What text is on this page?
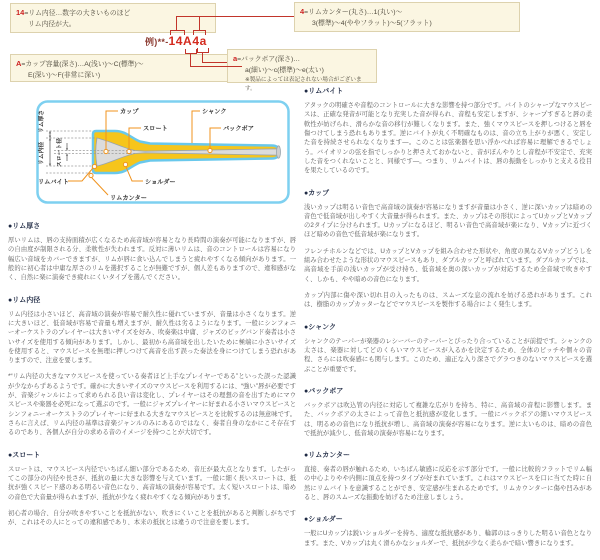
14=リム内径…数字の大きいものほど
リム内径が大。
4=リムカンター(丸さ)…1(丸い)～
3(標準)～4(ややフラット)～5(フラット)
A=カップ容量(深さ)…A(浅い)～C(標準)～
E(深い)～F(非常に深い)
a=バックボア(深さ)…
a(細い)～c(標準)～e(太い)
※製品によっては表記されない場合がございます。
例)**- 14A4a
リム厚さ
リム内径	スロート径
カップ
スロート
シャンク
バックボア
リムバイト
リムカンター
ショルダー
●リム厚さ

厚いリムは、唇の支持面積が広くなるため高音域が容易となり長時間の演奏が可能になりますが、唇の自由度が制限される分、柔軟性が失われます。反対に薄いリムは、音のコントロールは容易になり幅広い音域をカバーできますが、リムが唇に食い込んでしまうと疲れやすくなる傾向があります。一般的に初心者は中庸な厚さのリムを選択することが無難ですが、個人差もありますので、違和感がなく、自然に楽に演奏でき疲れにくいタイプを選んでください。

●リム内径

リム内径は小さいほど、高音域の演奏が容易で耐久性に優れていますが、音量は小さくなります。逆に大きいほど、低音域が容易で音量も増えますが、耐久性は劣るようになります。一般にシンフォニーオーケストラのプレイヤーは大きいサイズを好み、吹奏楽は中庸、ジャズのビッグバンド奏者は小さいサイズを使用する傾向があります。しかし、最初から高音域を出したいために極端に小さいサイズを使用すると、マウスピースを無理に押しつけて高音を出す誤った奏法を身につけてしまう恐れがありますので、注意を要します。

*“リム内径の大きなマウスピースを使っている奏者ほど上手なプレイヤーである”といった誤った認識が少なからずあるようです。確かに大きいサイズのマウスピースを利用するには、“強い”唇が必要ですが、音楽ジャンルによって求められる良い音は変化し、プレイヤーはその理想の音を出すためにマウスピースや楽器を必死になって選ぶのです。一般にジャズプレイヤーに好まれる小さいマウスピースとシンフォニーオーケストラのプレイヤーに好まれる大きなマウスピースとを比較するのは無意味です。さらに言えば、リム内径の基準は音楽ジャンルのみにあるのではなく、奏者自身のなかにこそ存在するのであり、各個人が自分の求める音のイメージを持つことが大切です。

●スロート

スロートは、マウスピース内径でいちばん細い部分であるため、音圧が最大点となります。したがってこの部分の内径や長さが、抵抗の量に大きな影響を与えています。一般に細く長いスロートは、抵抗が強くスピード感のある明るい音色になり、高音域の演奏が容易です。太く短いスロートは、暗めの音色で大音量が得られますが、抵抗が少なく疲れやすくなる傾向があります。

初心者の場合、自分が吹きやすいことを抵抗がない、吹きにくいことを抵抗があると判断しがちですが、これはその人にとっての違和感であり、本来の抵抗とは違うので注意を要します。

●リムバイト

アタックの明確さや音程のコントロールに大きな影響を持つ部分です。バイトのシャープなマウスピースは、正確な発音が可能となり充実した音が得られ、音程も安定しますが、シャープすぎると唇の柔軟性が妨げられ、滑らかな音の移行が難しくなります。また、強くマウスピースを押しつけると唇を傷つけてしまう恐れもあります。逆にバイトが丸く不明確なものは、音の立ち上がりが悪く、安定した音を持続させられなくなります―。このことは弦楽器を思い浮かべれば容易に理解できるでしょう。バイオリンの弦を指でしっかりと押さえておかないと、音がぼんやりとし音程が不安定で、充実した音をつくれないことと、同様です―。つまり、リムバイトは、唇の振動をしっかりと支える役目を果たしているのです。

●カップ

浅いカップは明るい音色で高音域の演奏が容易になりますが音量は小さく、逆に深いカップは暗めの音色で低音域が出しやすく大音量が得られます。また、カップはその形状によってUカップとVカップの2タイプに分けられます。Uカップになるほど、明るい音色で高音域が楽になり、Vカップに近づくほど暗めの音色で低音域が楽になります。

フレンチホルンなどでは、UカップとVカップを組み合わせた形状や、角度の異なるVカップどうしを組み合わせたような形状のマウスピースもあり、ダブルカップと呼ばれています。ダブルカップでは、高音域を手前の浅いカップが受け持ち、低音域を奥の深いカップが対応するため全音域で吹きやすく、しかも、やや暗めの音色になります。

カップ内部に傷や深い切れ目の入ったものは、スムーズな息の流れを妨げる恐れがあります。これは、樹脂のカップカッターなどでマウスピースを製作する場合によく発生します。

●シャンク

シャンクのテーパーが楽器のレシーバーのテーパーとぴったり合っていることが前提です。シャンクの太さは、楽器に対してどのくらいマウスピースが入るかを決定するため、全体のピッチや個々の音程、さらには吹奏感にも関与します。このため、適正な入り深さでグラつきのないマウスピースを選ぶことが重要です。

●バックボア

バックボアは吹込管の内径に対応して複雑な広がりを持ち、特に、高音域の音程に影響します。また、バックボアの太さによって音色と抵抗感が変化します。一般にバックボアの細いマウスピースは、明るめの音色になり抵抗が増し、高音域の演奏が容易になります。逆に太いものは、暗めの音色で抵抗が減少し、低音域の演奏が容易になります。

●リムカンター

直接、奏者の唇が触れるため、いちばん敏感に反応を示す部分です。一般に比較的フラットでリム幅の中心よりやや内側に頂点を持つタイプが好まれています。これはマウスピースを口に当てた時に自然にリムバイトを意識することができ、安定感が生まれるためです。リムカウンターに傷や凹みがあると、唇のスムーズな振動を妨げるため注意しましょう。

●ショルダー

一般にUカップは鋭いショルダーを持ち、適度な抵抗感があり、輪郭のはっきりした明るい音色となります。また、Vカップは丸く滑らかなショルダーで、抵抗が少なく柔らかで暗い響きになります。
